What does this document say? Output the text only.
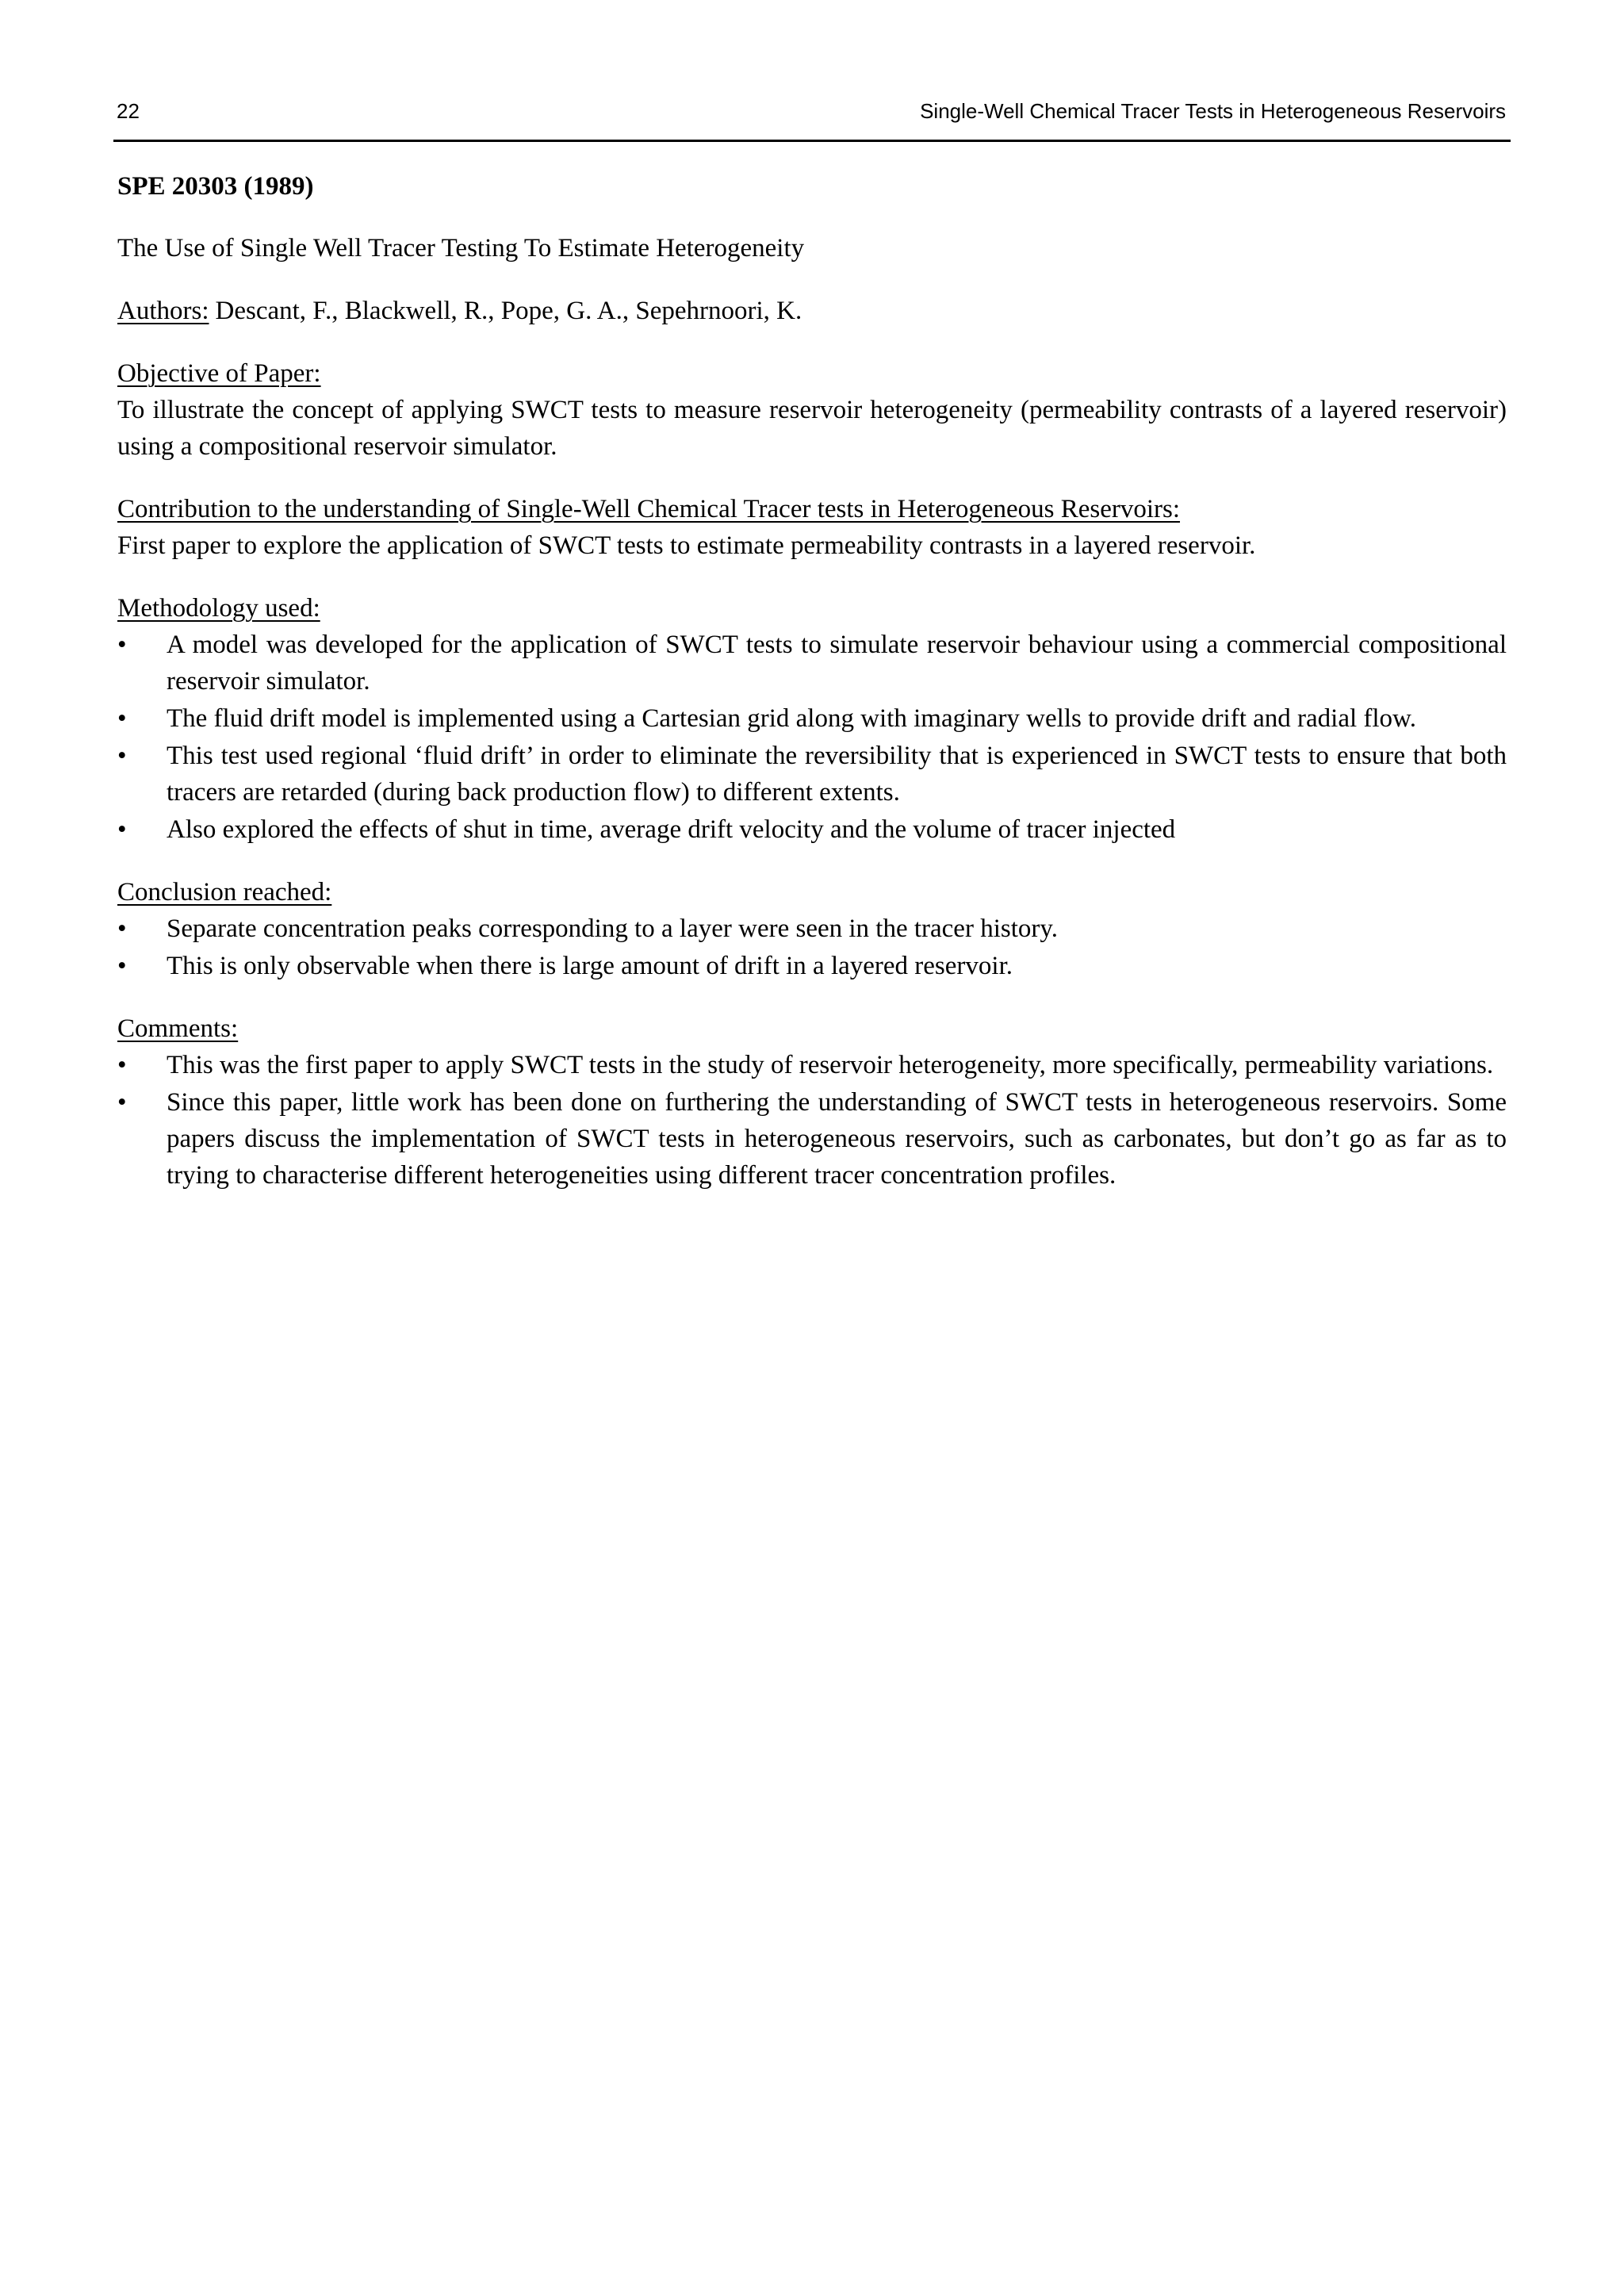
22	Single-Well Chemical Tracer Tests in Heterogeneous Reservoirs
SPE 20303 (1989)
The Use of Single Well Tracer Testing To Estimate Heterogeneity
Authors: Descant, F., Blackwell, R., Pope, G. A., Sepehrnoori, K.
Objective of Paper:
To illustrate the concept of applying SWCT tests to measure reservoir heterogeneity (permeability contrasts of a layered reservoir) using a compositional reservoir simulator.
Contribution to the understanding of Single-Well Chemical Tracer tests in Heterogeneous Reservoirs:
First paper to explore the application of SWCT tests to estimate permeability contrasts in a layered reservoir.
Methodology used:
•	A model was developed for the application of SWCT tests to simulate reservoir behaviour using a commercial compositional reservoir simulator.
•	The fluid drift model is implemented using a Cartesian grid along with imaginary wells to provide drift and radial flow.
•	This test used regional ‘fluid drift’ in order to eliminate the reversibility that is experienced in SWCT tests to ensure that both tracers are retarded (during back production flow) to different extents.
•	Also explored the effects of shut in time, average drift velocity and the volume of tracer injected
Conclusion reached:
•	Separate concentration peaks corresponding to a layer were seen in the tracer history.
•	This is only observable when there is large amount of drift in a layered reservoir.
Comments:
•	This was the first paper to apply SWCT tests in the study of reservoir heterogeneity, more specifically, permeability variations.
•	Since this paper, little work has been done on furthering the understanding of SWCT tests in heterogeneous reservoirs. Some papers discuss the implementation of SWCT tests in heterogeneous reservoirs, such as carbonates, but don’t go as far as to trying to characterise different heterogeneities using different tracer concentration profiles.
